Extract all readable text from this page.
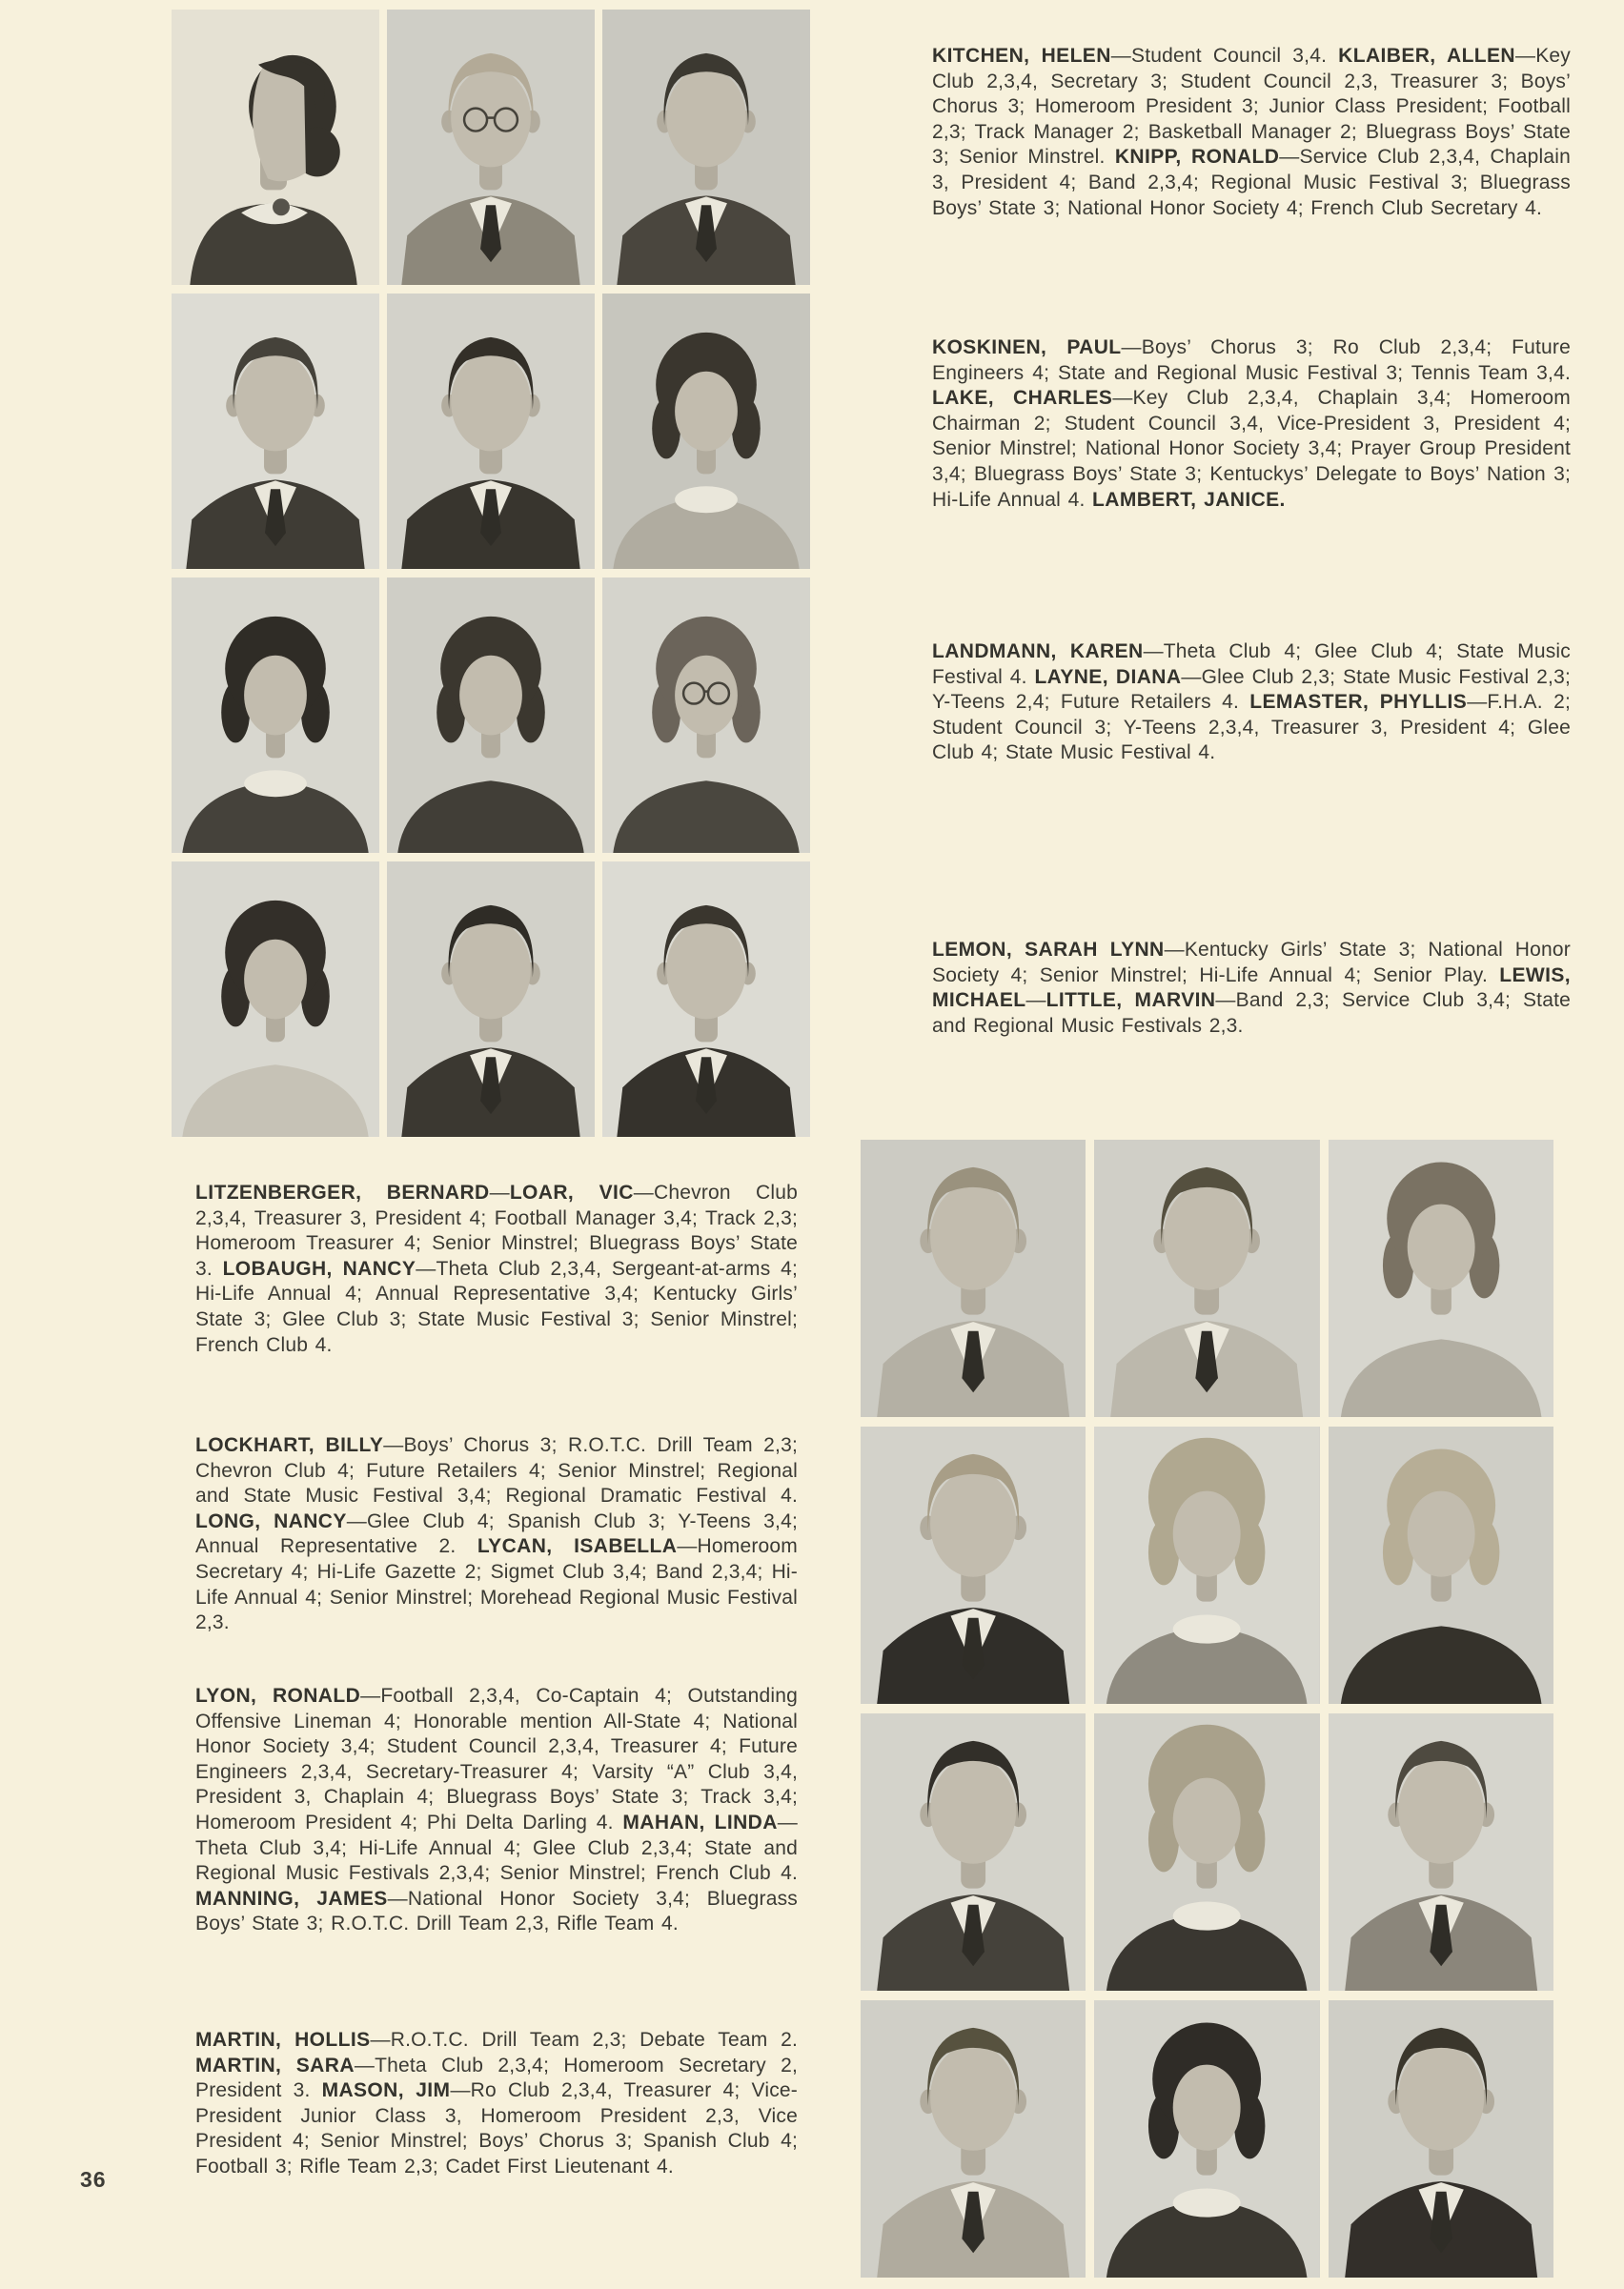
KITCHEN, HELEN—Student Council 3,4. KLAIBER, ALLEN—Key Club 2,3,4, Secretary 3; Student Council 2,3, Treasurer 3; Boys’ Chorus 3; Homeroom President 3; Junior Class President; Football 2,3; Track Manager 2; Basketball Manager 2; Bluegrass Boys’ State 3; Senior Minstrel. KNIPP, RONALD—Service Club 2,3,4, Chaplain 3, President 4; Band 2,3,4; Regional Music Festival 3; Bluegrass Boys’ State 3; National Honor Society 4; French Club Secretary 4.

KOSKINEN, PAUL—Boys’ Chorus 3; Ro Club 2,3,4; Future Engineers 4; State and Regional Music Festival 3; Tennis Team 3,4. LAKE, CHARLES—Key Club 2,3,4, Chaplain 3,4; Homeroom Chairman 2; Student Council 3,4, Vice-President 3, President 4; Senior Minstrel; National Honor Society 3,4; Prayer Group President 3,4; Bluegrass Boys’ State 3; Kentuckys’ Delegate to Boys’ Nation 3; Hi-Life Annual 4. LAMBERT, JANICE.

LANDMANN, KAREN—Theta Club 4; Glee Club 4; State Music Festival 4. LAYNE, DIANA—Glee Club 2,3; State Music Festival 2,3; Y-Teens 2,4; Future Retailers 4. LEMASTER, PHYLLIS—F.H.A. 2; Student Council 3; Y-Teens 2,3,4, Treasurer 3, President 4; Glee Club 4; State Music Festival 4.

LEMON, SARAH LYNN—Kentucky Girls’ State 3; National Honor Society 4; Senior Minstrel; Hi-Life Annual 4; Senior Play. LEWIS, MICHAEL—LITTLE, MARVIN—Band 2,3; Service Club 3,4; State and Regional Music Festivals 2,3.

LITZENBERGER, BERNARD—LOAR, VIC—Chevron Club 2,3,4, Treasurer 3, President 4; Football Manager 3,4; Track 2,3; Homeroom Treasurer 4; Senior Minstrel; Bluegrass Boys’ State 3. LOBAUGH, NANCY—Theta Club 2,3,4, Sergeant-at-arms 4; Hi-Life Annual 4; Annual Representative 3,4; Kentucky Girls’ State 3; Glee Club 3; State Music Festival 3; Senior Minstrel; French Club 4.

LOCKHART, BILLY—Boys’ Chorus 3; R.O.T.C. Drill Team 2,3; Chevron Club 4; Future Retailers 4; Senior Minstrel; Regional and State Music Festival 3,4; Regional Dramatic Festival 4. LONG, NANCY—Glee Club 4; Spanish Club 3; Y-Teens 3,4; Annual Representative 2. LYCAN, ISABELLA—Homeroom Secretary 4; Hi-Life Gazette 2; Sigmet Club 3,4; Band 2,3,4; Hi-Life Annual 4; Senior Minstrel; Morehead Regional Music Festival 2,3.

LYON, RONALD—Football 2,3,4, Co-Captain 4; Outstanding Offensive Lineman 4; Honorable mention All-State 4; National Honor Society 3,4; Student Council 2,3,4, Treasurer 4; Future Engineers 2,3,4, Secretary-Treasurer 4; Varsity “A” Club 3,4, President 3, Chaplain 4; Bluegrass Boys’ State 3; Track 3,4; Homeroom President 4; Phi Delta Darling 4. MAHAN, LINDA—Theta Club 3,4; Hi-Life Annual 4; Glee Club 2,3,4; State and Regional Music Festivals 2,3,4; Senior Minstrel; French Club 4. MANNING, JAMES—National Honor Society 3,4; Bluegrass Boys’ State 3; R.O.T.C. Drill Team 2,3, Rifle Team 4.

MARTIN, HOLLIS—R.O.T.C. Drill Team 2,3; Debate Team 2. MARTIN, SARA—Theta Club 2,3,4; Homeroom Secretary 2, President 3. MASON, JIM—Ro Club 2,3,4, Treasurer 4; Vice- President Junior Class 3, Homeroom President 2,3, Vice President 4; Senior Minstrel; Boys’ Chorus 3; Spanish Club 4; Football 3; Rifle Team 2,3; Cadet First Lieutenant 4.

36
